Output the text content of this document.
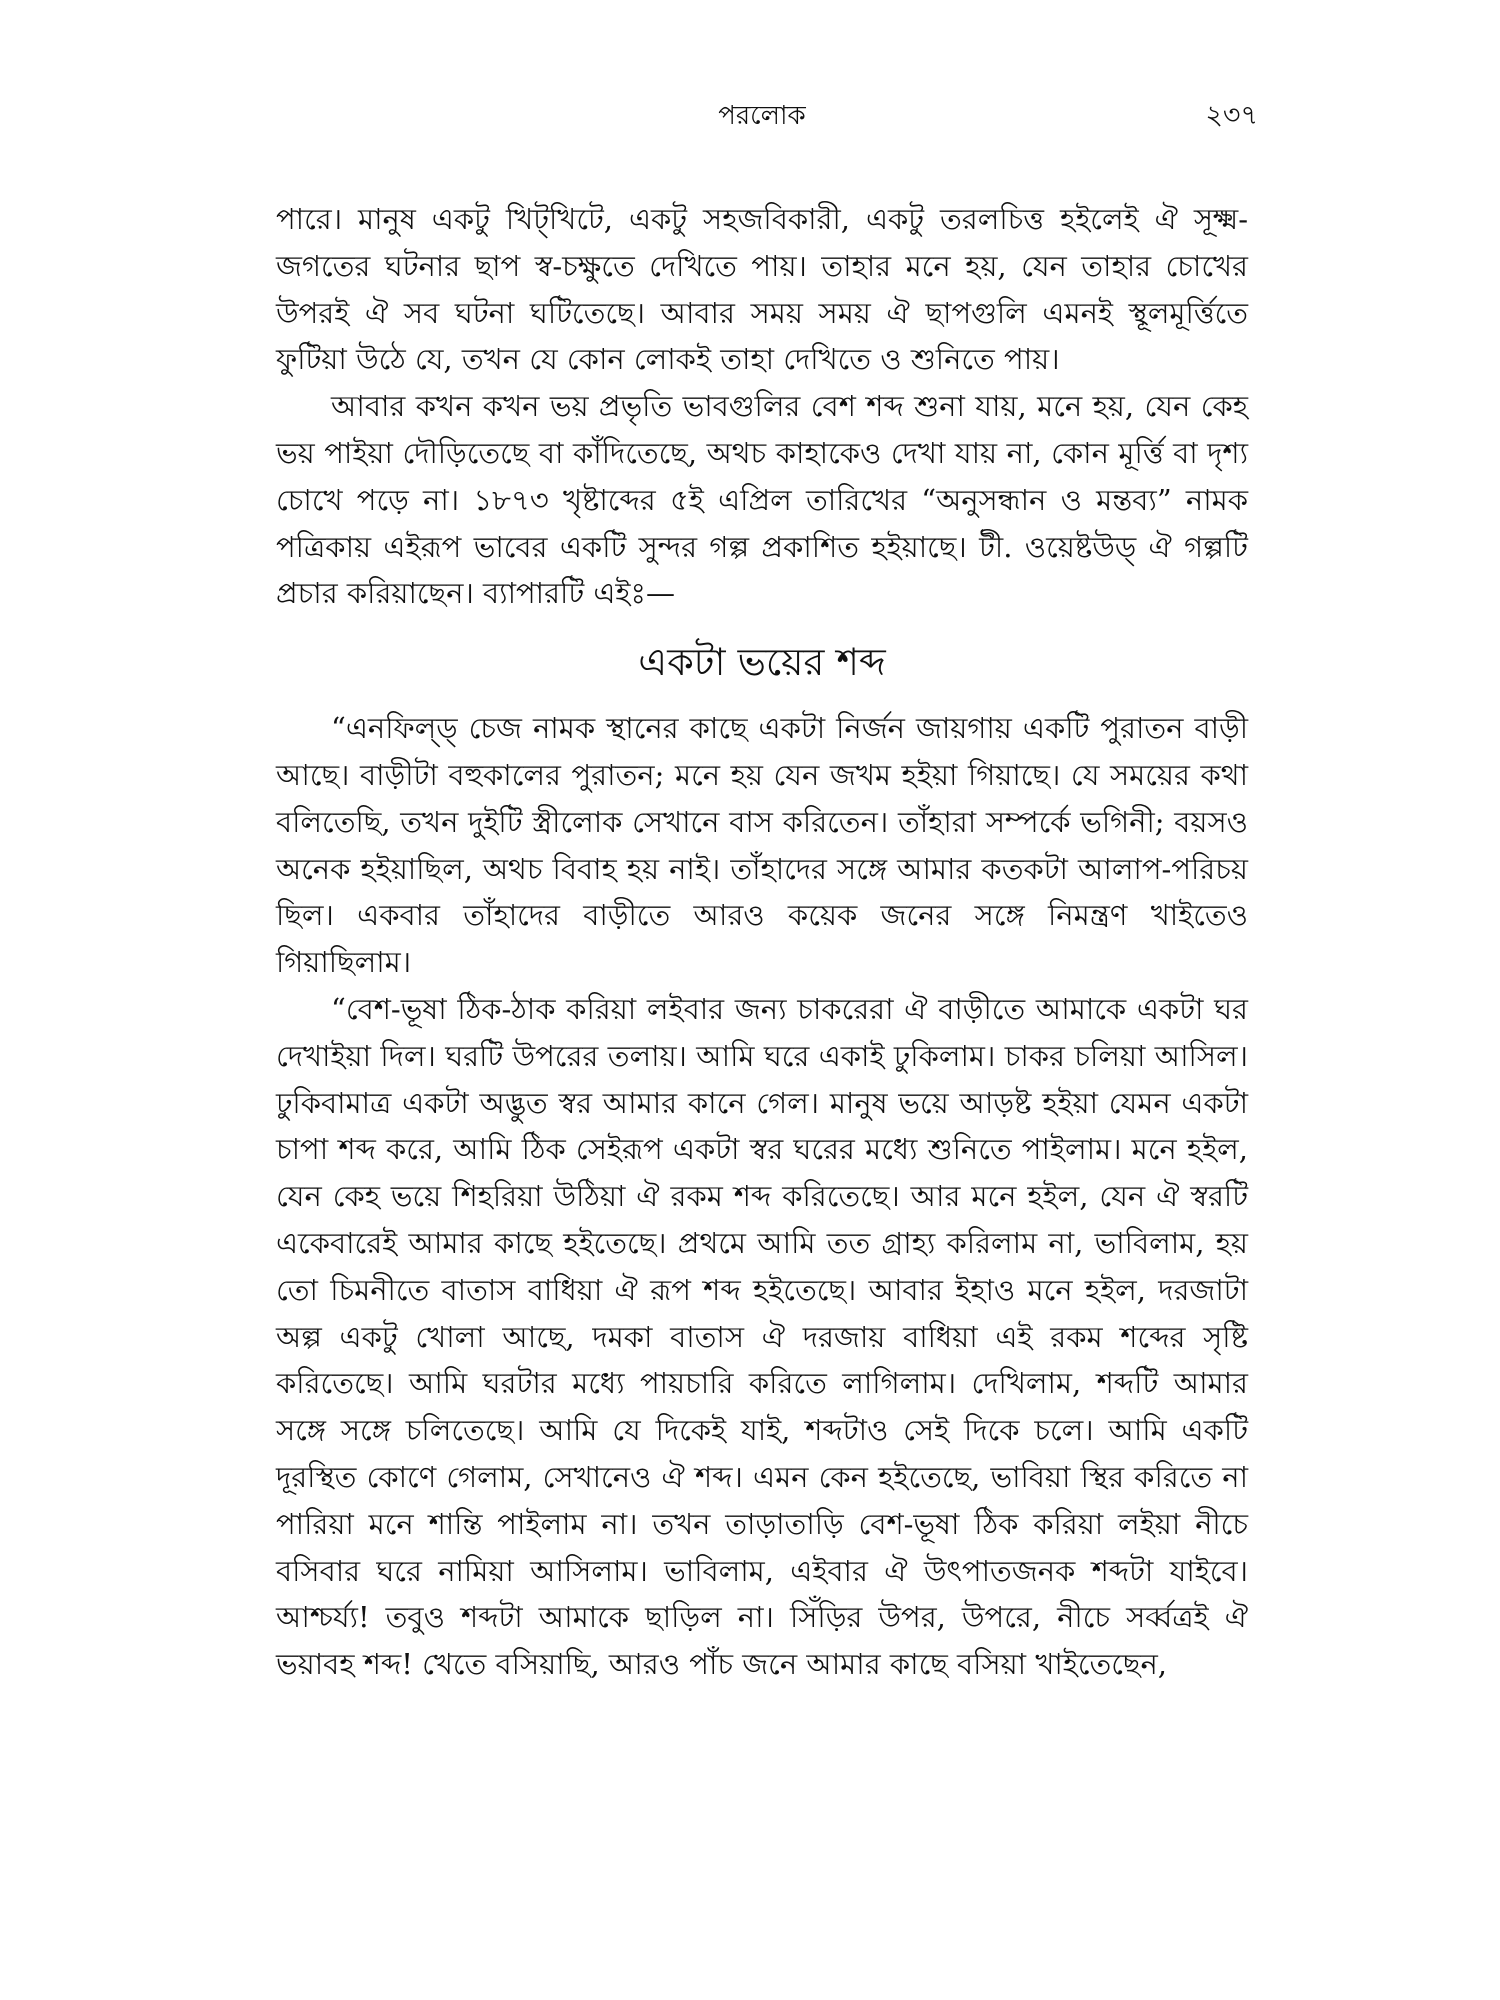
পরলোক	২৩৭

পারে। মানুষ একটু খিট্‌খিটে, একটু সহজবিকারী, একটু তরলচিত্ত হইলেই ঐ সূক্ষ্ম-জগতের ঘটনার ছাপ স্ব-চক্ষুতে দেখিতে পায়। তাহার মনে হয়, যেন তাহার চোখের উপরই ঐ সব ঘটনা ঘটিতেছে। আবার সময় সময় ঐ ছাপগুলি এমনই স্থূলমূর্ত্তিতে ফুটিয়া উঠে যে, তখন যে কোন লোকই তাহা দেখিতে ও শুনিতে পায়।

আবার কখন কখন ভয় প্রভৃতি ভাবগুলির বেশ শব্দ শুনা যায়, মনে হয়, যেন কেহ ভয় পাইয়া দৌড়িতেছে বা কাঁদিতেছে, অথচ কাহাকেও দেখা যায় না, কোন মূর্ত্তি বা দৃশ্য চোখে পড়ে না। ১৮৭৩ খৃষ্টাব্দের ৫ই এপ্রিল তারিখের “অনুসন্ধান ও মন্তব্য” নামক পত্রিকায় এইরূপ ভাবের একটি সুন্দর গল্প প্রকাশিত হইয়াছে। টী. ওয়েষ্টউড্‌ ঐ গল্পটি প্রচার করিয়াছেন। ব্যাপারটি এইঃ—

একটা ভয়ের শব্দ

“এনফিল্ড্‌ চেজ নামক স্থানের কাছে একটা নির্জন জায়গায় একটি পুরাতন বাড়ী আছে। বাড়ীটা বহুকালের পুরাতন; মনে হয় যেন জখম হইয়া গিয়াছে। যে সময়ের কথা বলিতেছি, তখন দুইটি স্ত্রীলোক সেখানে বাস করিতেন। তাঁহারা সম্পর্কে ভগিনী; বয়সও অনেক হইয়াছিল, অথচ বিবাহ হয় নাই। তাঁহাদের সঙ্গে আমার কতকটা আলাপ-পরিচয় ছিল। একবার তাঁহাদের বাড়ীতে আরও কয়েক জনের সঙ্গে নিমন্ত্রণ খাইতেও গিয়াছিলাম।

“বেশ-ভূষা ঠিক-ঠাক করিয়া লইবার জন্য চাকরেরা ঐ বাড়ীতে আমাকে একটা ঘর দেখাইয়া দিল। ঘরটি উপরের তলায়। আমি ঘরে একাই ঢুকিলাম। চাকর চলিয়া আসিল। ঢুকিবামাত্র একটা অদ্ভুত স্বর আমার কানে গেল। মানুষ ভয়ে আড়ষ্ট হইয়া যেমন একটা চাপা শব্দ করে, আমি ঠিক সেইরূপ একটা স্বর ঘরের মধ্যে শুনিতে পাইলাম। মনে হইল, যেন কেহ ভয়ে শিহরিয়া উঠিয়া ঐ রকম শব্দ করিতেছে। আর মনে হইল, যেন ঐ স্বরটি একেবারেই আমার কাছে হইতেছে। প্রথমে আমি তত গ্রাহ্য করিলাম না, ভাবিলাম, হয় তো চিমনীতে বাতাস বাধিয়া ঐ রূপ শব্দ হইতেছে। আবার ইহাও মনে হইল, দরজাটা অল্প একটু খোলা আছে, দমকা বাতাস ঐ দরজায় বাধিয়া এই রকম শব্দের সৃষ্টি করিতেছে। আমি ঘরটার মধ্যে পায়চারি করিতে লাগিলাম। দেখিলাম, শব্দটি আমার সঙ্গে সঙ্গে চলিতেছে। আমি যে দিকেই যাই, শব্দটাও সেই দিকে চলে। আমি একটি দূরস্থিত কোণে গেলাম, সেখানেও ঐ শব্দ। এমন কেন হইতেছে, ভাবিয়া স্থির করিতে না পারিয়া মনে শান্তি পাইলাম না। তখন তাড়াতাড়ি বেশ-ভূষা ঠিক করিয়া লইয়া নীচে বসিবার ঘরে নামিয়া আসিলাম। ভাবিলাম, এইবার ঐ উৎপাতজনক শব্দটা যাইবে। আশ্চর্য্য! তবুও শব্দটা আমাকে ছাড়িল না। সিঁড়ির উপর, উপরে, নীচে সর্ব্বত্রই ঐ ভয়াবহ শব্দ! খেতে বসিয়াছি, আরও পাঁচ জনে আমার কাছে বসিয়া খাইতেছেন,
